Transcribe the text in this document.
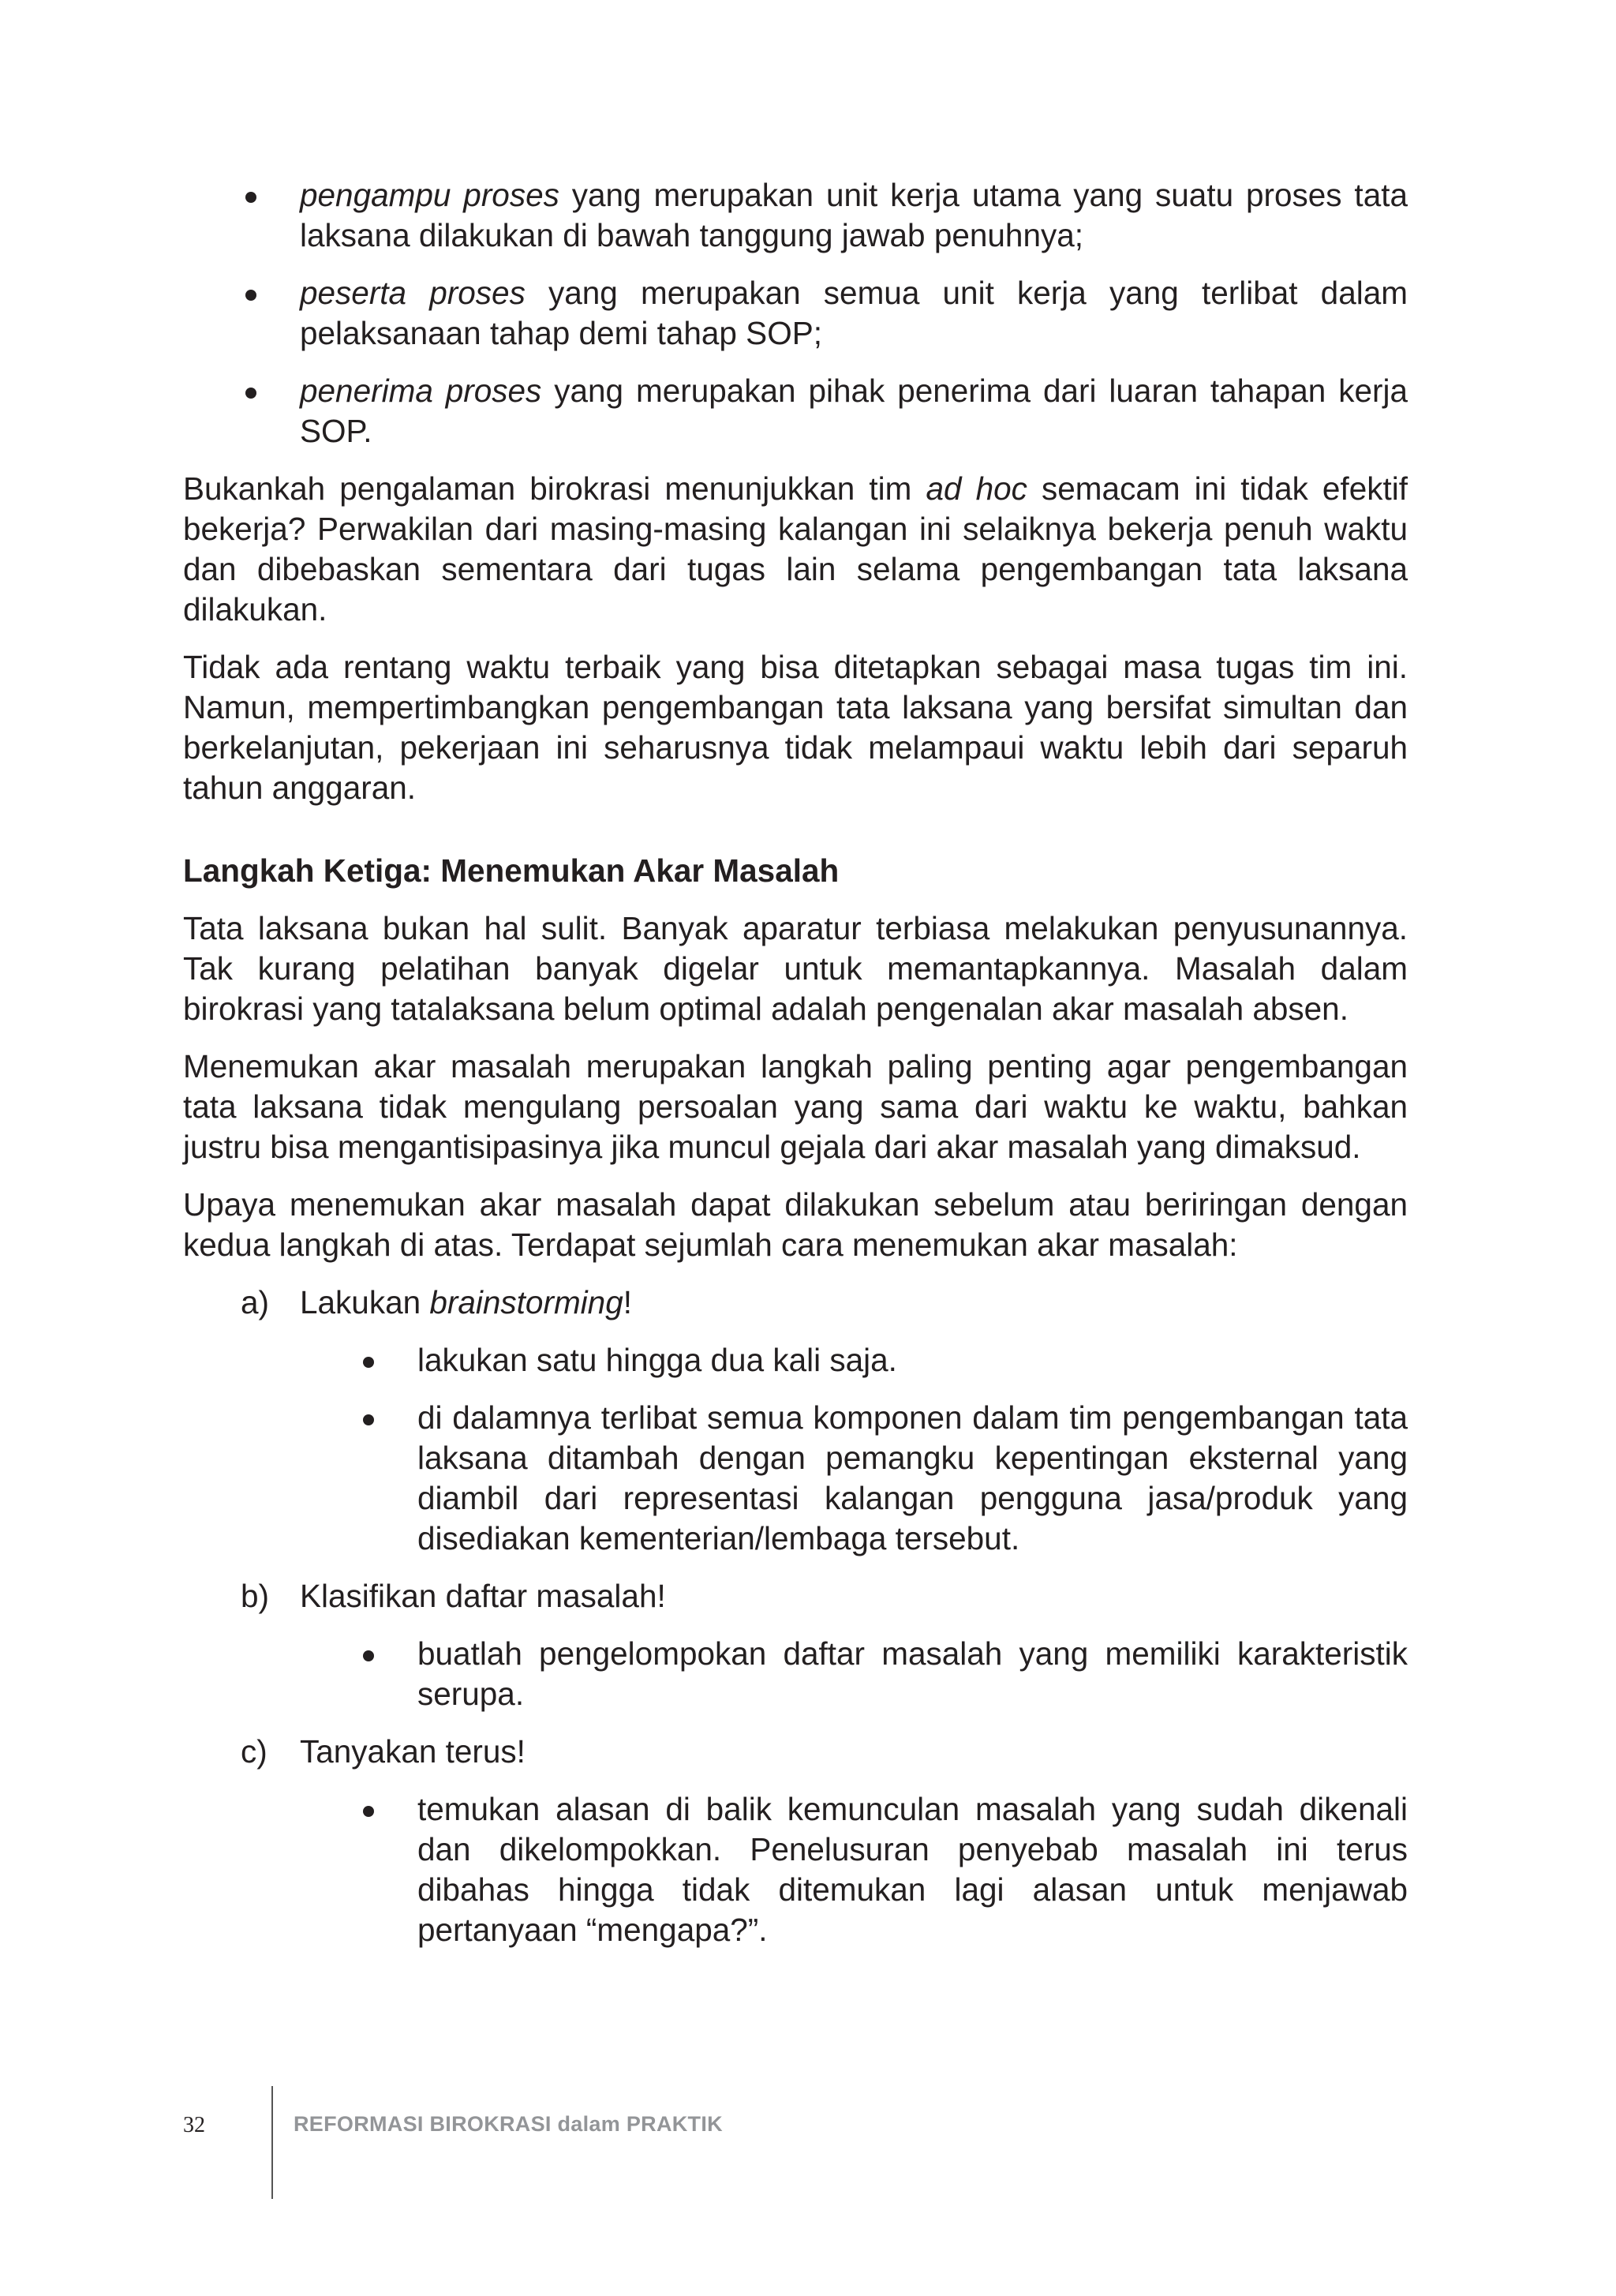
pengampu proses yang merupakan unit kerja utama yang suatu proses tata laksana dilakukan di bawah tanggung jawab penuhnya;

peserta proses yang merupakan semua unit kerja yang terlibat dalam pelaksanaan tahap demi tahap SOP;

penerima proses yang merupakan pihak penerima dari luaran tahapan kerja SOP.

Bukankah pengalaman birokrasi menunjukkan tim ad hoc semacam ini tidak efektif bekerja? Perwakilan dari masing-masing kalangan ini selaiknya bekerja penuh waktu dan dibebaskan sementara dari tugas lain selama pengembangan tata laksana dilakukan.

Tidak ada rentang waktu terbaik yang bisa ditetapkan sebagai masa tugas tim ini. Namun, mempertimbangkan pengembangan tata laksana yang bersifat simultan dan berkelanjutan, pekerjaan ini seharusnya tidak melampaui waktu lebih dari separuh tahun anggaran.

Langkah Ketiga: Menemukan Akar Masalah

Tata laksana bukan hal sulit. Banyak aparatur terbiasa melakukan penyusunannya. Tak kurang pelatihan banyak digelar untuk memantapkannya. Masalah dalam birokrasi yang tatalaksana belum optimal adalah pengenalan akar masalah absen.

Menemukan akar masalah merupakan langkah paling penting agar pengembangan tata laksana tidak mengulang persoalan yang sama dari waktu ke waktu, bahkan justru bisa mengantisipasinya jika muncul gejala dari akar masalah yang dimaksud.

Upaya menemukan akar masalah dapat dilakukan sebelum atau beriringan dengan kedua langkah di atas. Terdapat sejumlah cara menemukan akar masalah:

a) Lakukan brainstorming!

lakukan satu hingga dua kali saja.

di dalamnya terlibat semua komponen dalam tim pengembangan tata laksana ditambah dengan pemangku kepentingan eksternal yang diambil dari representasi kalangan pengguna jasa/produk yang disediakan kementerian/lembaga tersebut.

b) Klasifikan daftar masalah!

buatlah pengelompokan daftar masalah yang memiliki karakteristik serupa.

c) Tanyakan terus!

temukan alasan di balik kemunculan masalah yang sudah dikenali dan dikelompokkan. Penelusuran penyebab masalah ini terus dibahas hingga tidak ditemukan lagi alasan untuk menjawab pertanyaan “mengapa?”.

32	REFORMASI BIROKRASI dalam PRAKTIK
